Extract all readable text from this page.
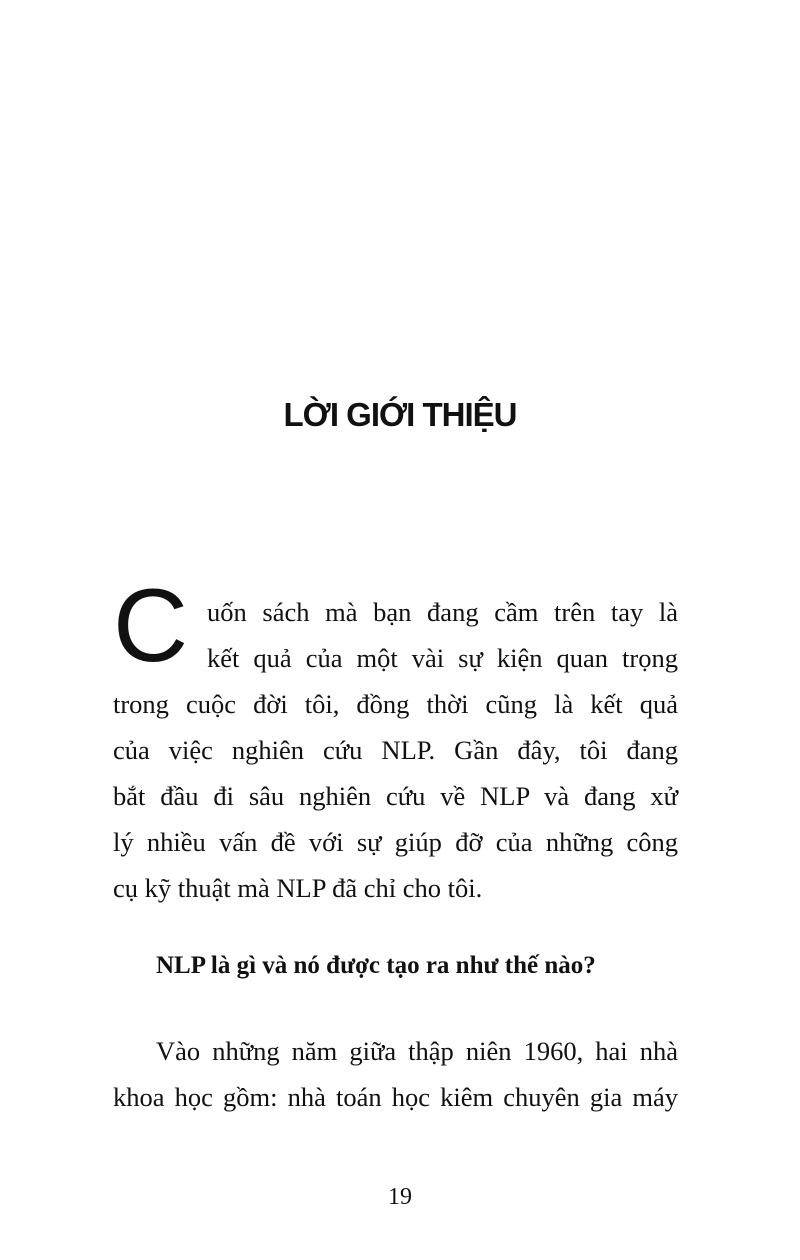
LỜI GIỚI THIỆU
C uốn sách mà bạn đang cầm trên tay là
kết quả của một vài sự kiện quan trọng
trong cuộc đời tôi, đồng thời cũng là kết quả
của việc nghiên cứu NLP. Gần đây, tôi đang
bắt đầu đi sâu nghiên cứu về NLP và đang xử
lý nhiều vấn đề với sự giúp đỡ của những công
cụ kỹ thuật mà NLP đã chỉ cho tôi.

NLP là gì và nó được tạo ra như thế nào?

Vào những năm giữa thập niên 1960, hai nhà
khoa học gồm: nhà toán học kiêm chuyên gia máy

19
